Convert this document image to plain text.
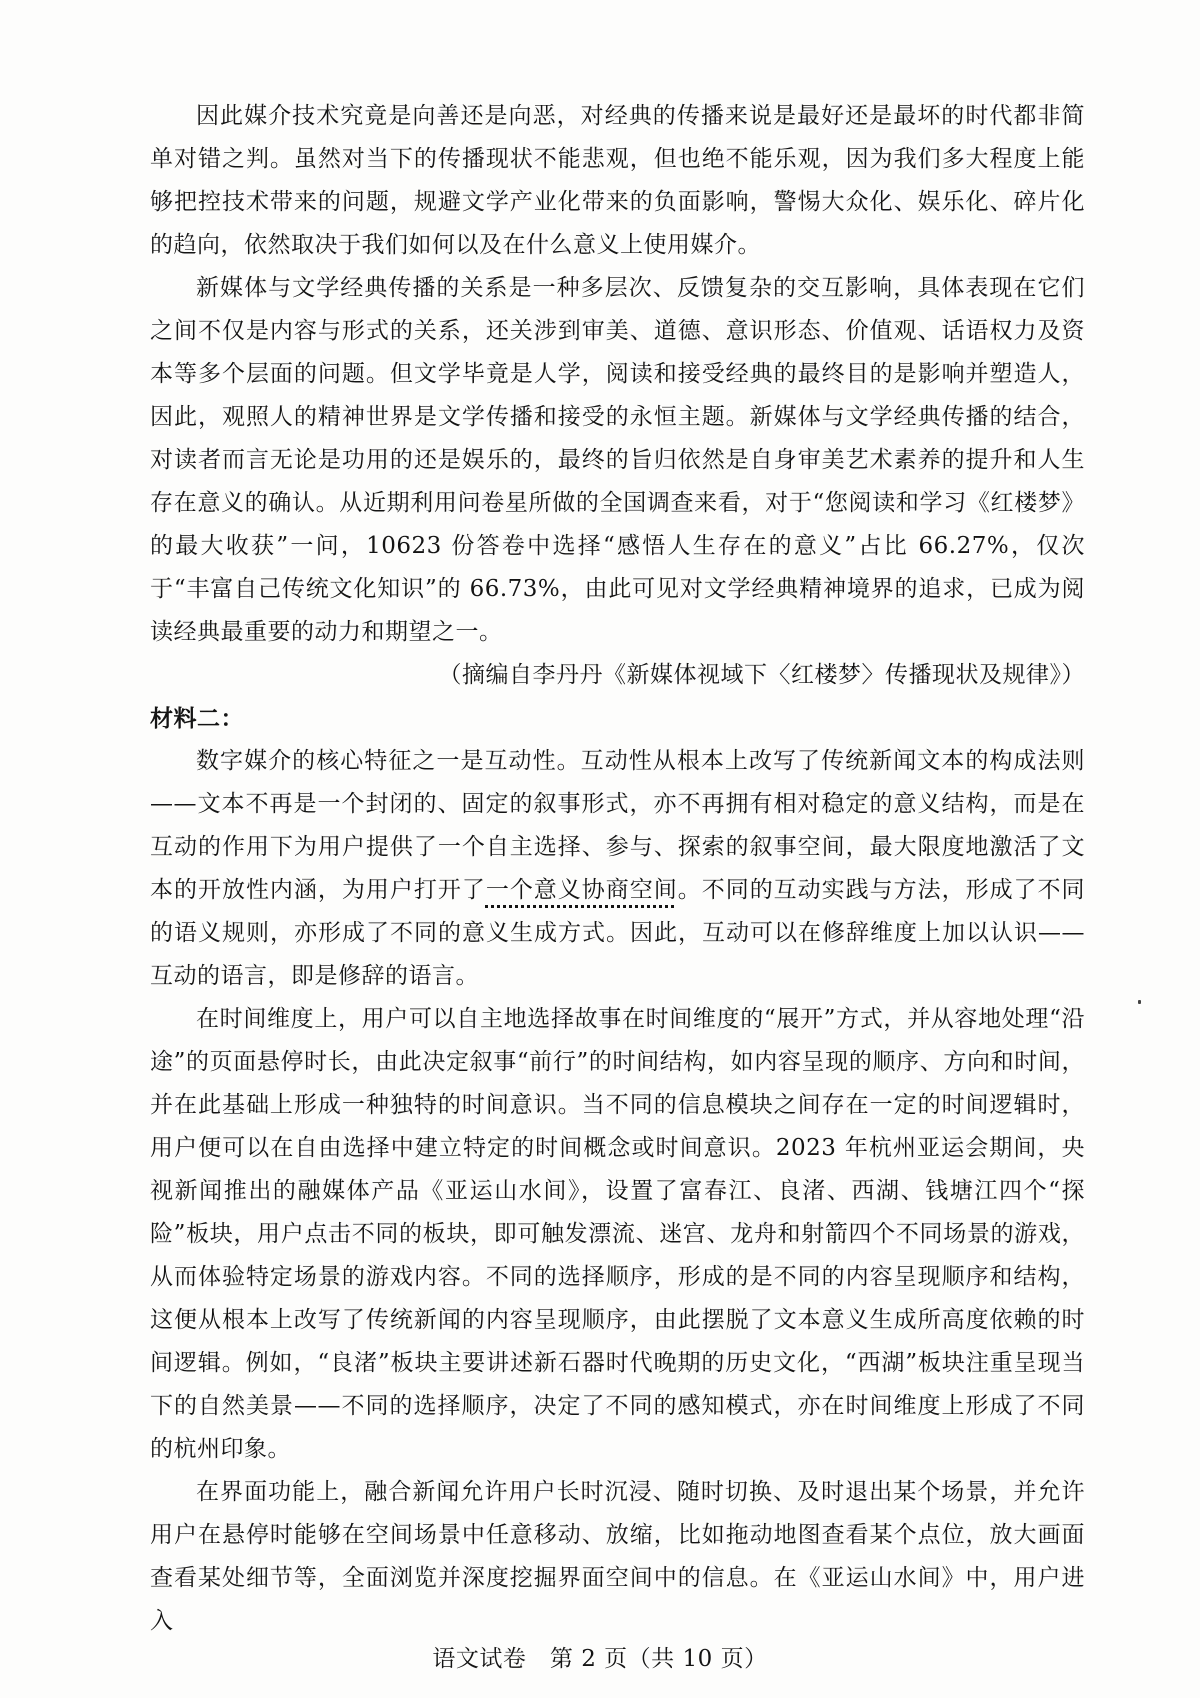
因此媒介技术究竟是向善还是向恶，对经典的传播来说是最好还是最坏的时代都非简单对错之判。虽然对当下的传播现状不能悲观，但也绝不能乐观，因为我们多大程度上能够把控技术带来的问题，规避文学产业化带来的负面影响，警惕大众化、娱乐化、碎片化的趋向，依然取决于我们如何以及在什么意义上使用媒介。

新媒体与文学经典传播的关系是一种多层次、反馈复杂的交互影响，具体表现在它们之间不仅是内容与形式的关系，还关涉到审美、道德、意识形态、价值观、话语权力及资本等多个层面的问题。但文学毕竟是人学，阅读和接受经典的最终目的是影响并塑造人，因此，观照人的精神世界是文学传播和接受的永恒主题。新媒体与文学经典传播的结合，对读者而言无论是功用的还是娱乐的，最终的旨归依然是自身审美艺术素养的提升和人生存在意义的确认。从近期利用问卷星所做的全国调查来看，对于“您阅读和学习《红楼梦》的最大收获”一问，10623 份答卷中选择“感悟人生存在的意义”占比 66.27%，仅次于“丰富自己传统文化知识”的 66.73%，由此可见对文学经典精神境界的追求，已成为阅读经典最重要的动力和期望之一。

（摘编自李丹丹《新媒体视域下〈红楼梦〉传播现状及规律》）

材料二：

数字媒介的核心特征之一是互动性。互动性从根本上改写了传统新闻文本的构成法则——文本不再是一个封闭的、固定的叙事形式，亦不再拥有相对稳定的意义结构，而是在互动的作用下为用户提供了一个自主选择、参与、探索的叙事空间，最大限度地激活了文本的开放性内涵，为用户打开了一个意义协商空间。不同的互动实践与方法，形成了不同的语义规则，亦形成了不同的意义生成方式。因此，互动可以在修辞维度上加以认识——互动的语言，即是修辞的语言。

在时间维度上，用户可以自主地选择故事在时间维度的“展开”方式，并从容地处理“沿途”的页面悬停时长，由此决定叙事“前行”的时间结构，如内容呈现的顺序、方向和时间，并在此基础上形成一种独特的时间意识。当不同的信息模块之间存在一定的时间逻辑时，用户便可以在自由选择中建立特定的时间概念或时间意识。2023 年杭州亚运会期间，央视新闻推出的融媒体产品《亚运山水间》，设置了富春江、良渚、西湖、钱塘江四个“探险”板块，用户点击不同的板块，即可触发漂流、迷宫、龙舟和射箭四个不同场景的游戏，从而体验特定场景的游戏内容。不同的选择顺序，形成的是不同的内容呈现顺序和结构，这便从根本上改写了传统新闻的内容呈现顺序，由此摆脱了文本意义生成所高度依赖的时间逻辑。例如，“良渚”板块主要讲述新石器时代晚期的历史文化，“西湖”板块注重呈现当下的自然美景——不同的选择顺序，决定了不同的感知模式，亦在时间维度上形成了不同的杭州印象。

在界面功能上，融合新闻允许用户长时沉浸、随时切换、及时退出某个场景，并允许用户在悬停时能够在空间场景中任意移动、放缩，比如拖动地图查看某个点位，放大画面查看某处细节等，全面浏览并深度挖掘界面空间中的信息。在《亚运山水间》中，用户进入

语文试卷　第 2 页（共 10 页）
